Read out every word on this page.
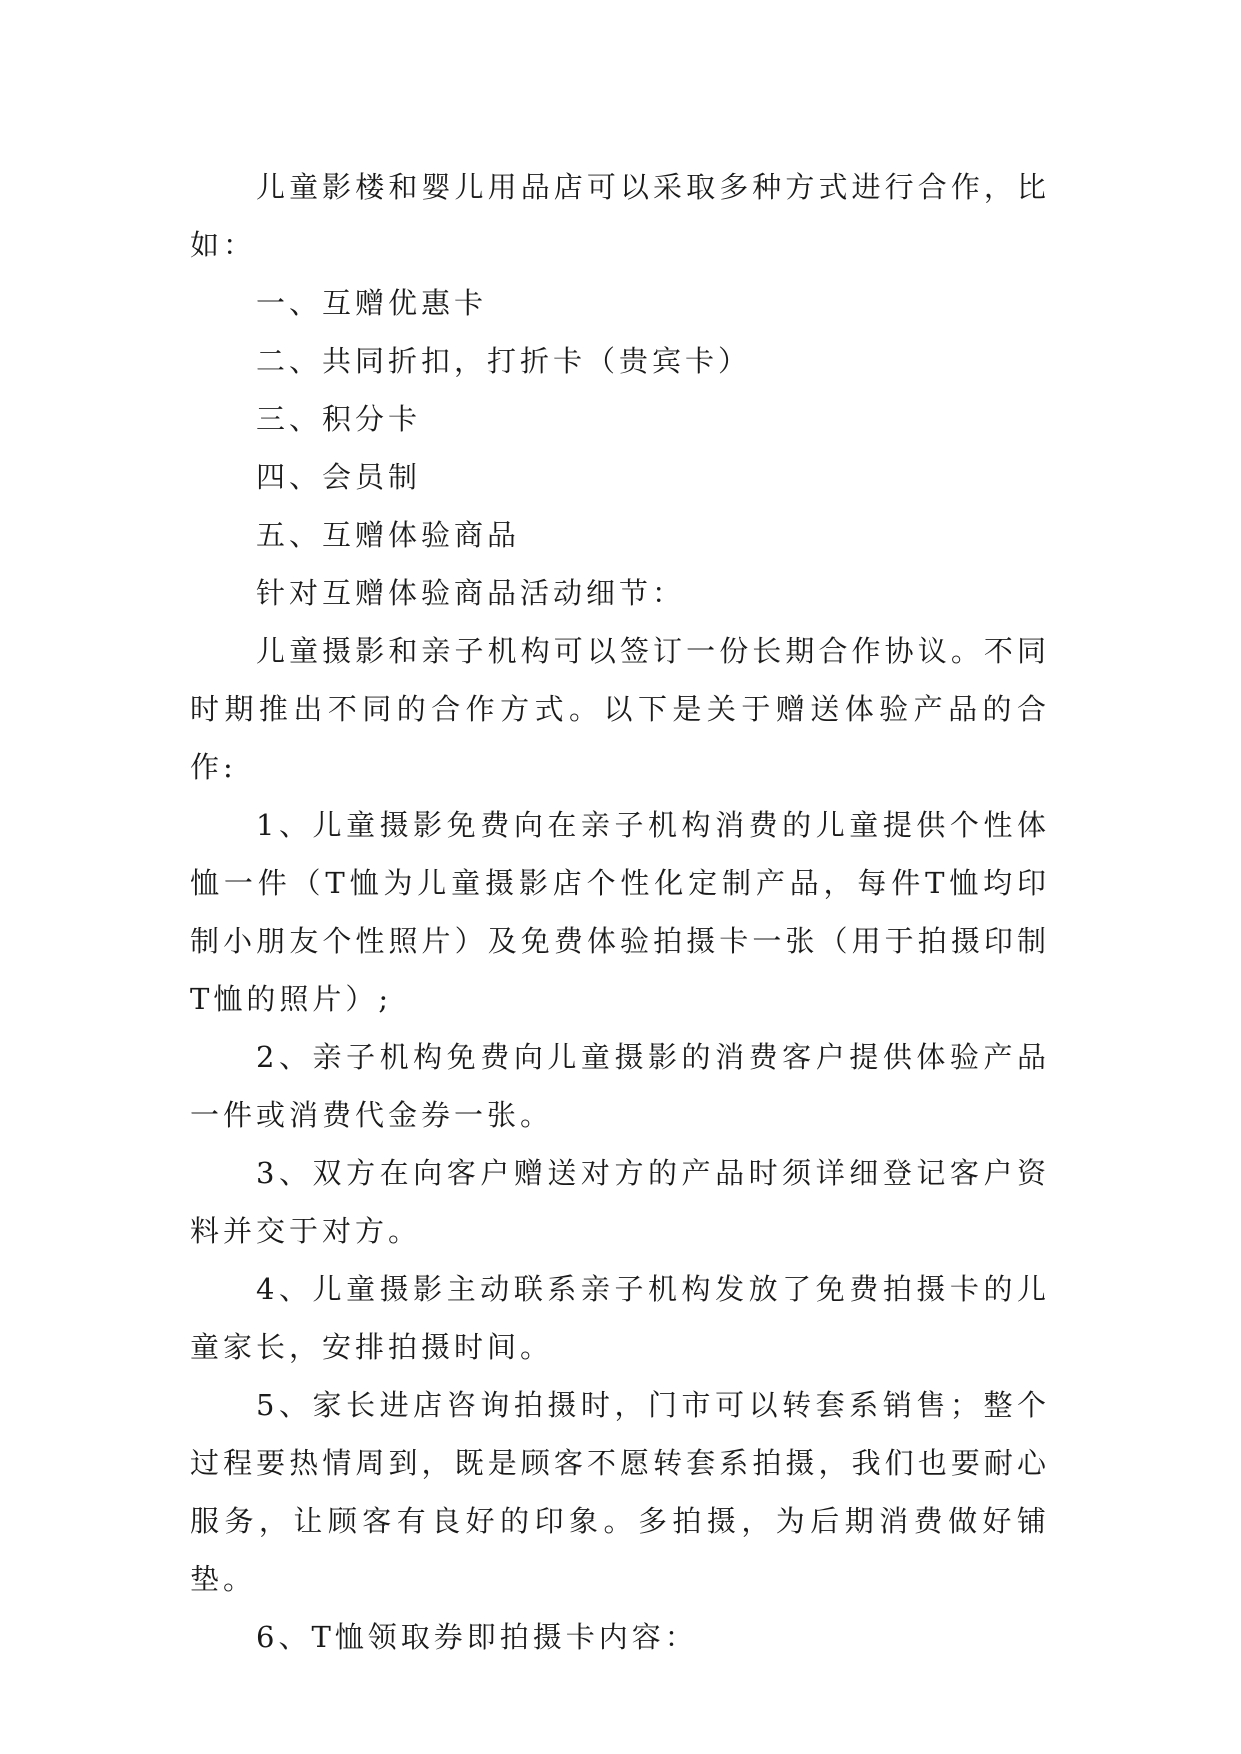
儿童影楼和婴儿用品店可以采取多种方式进行合作，比如：

一、互赠优惠卡

二、共同折扣，打折卡（贵宾卡）

三、积分卡

四、会员制

五、互赠体验商品

针对互赠体验商品活动细节：

儿童摄影和亲子机构可以签订一份长期合作协议。不同时期推出不同的合作方式。以下是关于赠送体验产品的合作:

1、儿童摄影免费向在亲子机构消费的儿童提供个性体恤一件（T恤为儿童摄影店个性化定制产品，每件T恤均印制小朋友个性照片）及免费体验拍摄卡一张（用于拍摄印制T恤的照片）;

2、亲子机构免费向儿童摄影的消费客户提供体验产品一件或消费代金券一张。

3、双方在向客户赠送对方的产品时须详细登记客户资料并交于对方。

4、儿童摄影主动联系亲子机构发放了免费拍摄卡的儿童家长，安排拍摄时间。

5、家长进店咨询拍摄时，门市可以转套系销售；整个过程要热情周到，既是顾客不愿转套系拍摄，我们也要耐心服务，让顾客有良好的印象。多拍摄，为后期消费做好铺垫。

6、T恤领取券即拍摄卡内容：
